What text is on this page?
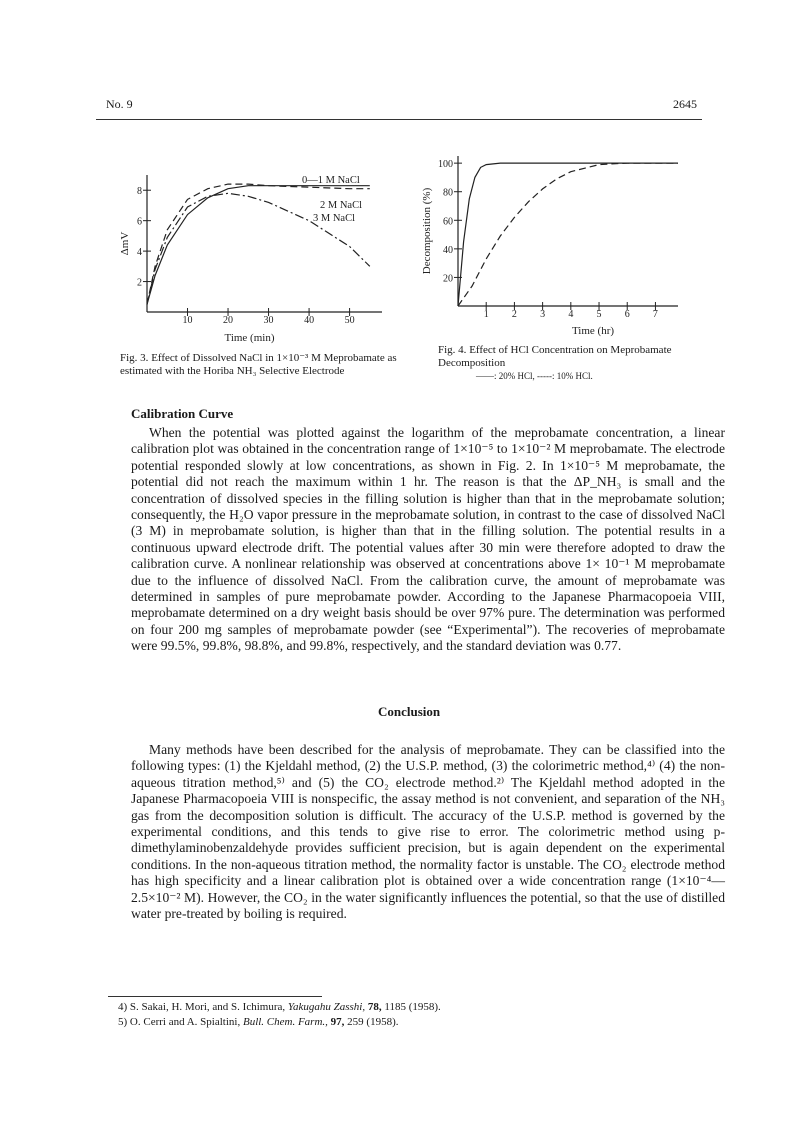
No. 9	2645
10	20	30	40	50
2
4
6
8
Time (min)
ΔmV
0—1 M NaCl
2 M NaCl
3 M NaCl
Fig. 3. Effect of Dissolved NaCl in 1×10⁻³ M Meprobamate as estimated with the Horiba NH₃ Selective Electrode
1 2 3 4 5 6 7
20
40
60
80
100
Time (hr)
Decomposition (%)
Fig. 4. Effect of HCl Concentration on Meprobamate Decomposition
——: 20% HCl, -----: 10% HCl.
Calibration Curve

When the potential was plotted against the logarithm of the meprobamate concentration, a linear calibration plot was obtained in the concentration range of 1×10⁻⁵ to 1×10⁻² M meprobamate. The electrode potential responded slowly at low concentrations, as shown in Fig. 2. In 1×10⁻⁵ M meprobamate, the potential did not reach the maximum within 1 hr. The reason is that the ΔP_NH₃ is small and the concentration of dissolved species in the filling solution is higher than that in the meprobamate solution; consequently, the H₂O vapor pressure in the meprobamate solution, in contrast to the case of dissolved NaCl (3 M) in meprobamate solution, is higher than that in the filling solution. The potential results in a continuous upward electrode drift. The potential values after 30 min were therefore adopted to draw the calibration curve. A nonlinear relationship was observed at concentrations above 1× 10⁻¹ M meprobamate due to the influence of dissolved NaCl. From the calibration curve, the amount of meprobamate was determined in samples of pure meprobamate powder. According to the Japanese Pharmacopoeia VIII, meprobamate determined on a dry weight basis should be over 97% pure. The determination was performed on four 200 mg samples of meprobamate powder (see “Experimental”). The recoveries of meprobamate were 99.5%, 99.8%, 98.8%, and 99.8%, respectively, and the standard deviation was 0.77.

Conclusion

Many methods have been described for the analysis of meprobamate. They can be classified into the following types: (1) the Kjeldahl method, (2) the U.S.P. method, (3) the colorimetric method,⁴⁾ (4) the non-aqueous titration method,⁵⁾ and (5) the CO₂ electrode method.²⁾ The Kjeldahl method adopted in the Japanese Pharmacopoeia VIII is nonspecific, the assay method is not convenient, and separation of the NH₃ gas from the decomposition solution is difficult. The accuracy of the U.S.P. method is governed by the experimental conditions, and this tends to give rise to error. The colorimetric method using p-dimethylaminobenzaldehyde provides sufficient precision, but is again dependent on the experimental conditions. In the non-aqueous titration method, the normality factor is unstable. The CO₂ electrode method has high specificity and a linear calibration plot is obtained over a wide concentration range (1×10⁻⁴—2.5×10⁻² M). However, the CO₂ in the water significantly influences the potential, so that the use of distilled water pre-treated by boiling is required.

4) S. Sakai, H. Mori, and S. Ichimura, Yakugahu Zasshi, 78, 1185 (1958).
5) O. Cerri and A. Spialtini, Bull. Chem. Farm., 97, 259 (1958).
